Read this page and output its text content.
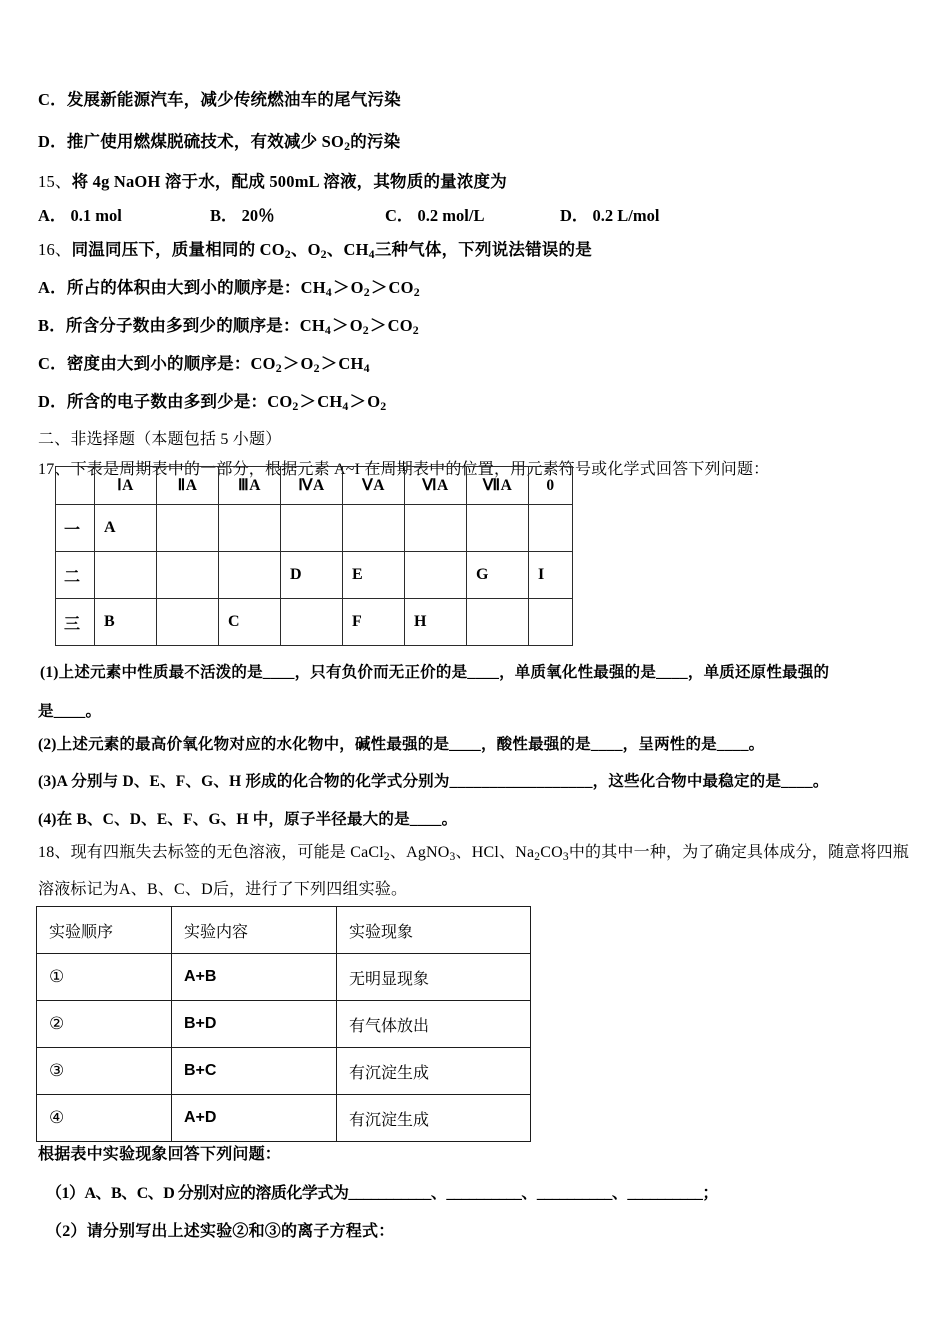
C．发展新能源汽车，减少传统燃油车的尾气污染
D．推广使用燃煤脱硫技术，有效减少 $SO_2$的污染
15、将 4g NaOH 溶于水，配成 500mL 溶液，其物质的量浓度为
A． 0.1 mol	B． 20％	C． 0.2 mol/L	D． 0.2 L/mol
16、同温同压下，质量相同的 $CO_2$、$O_2$、$CH_4$三种气体，下列说法错误的是
A．所占的体积由大到小的顺序是：$CH_4>O_2>CO_2$
B．所含分子数由多到少的顺序是：$CH_4>O_2>CO_2$
C．密度由大到小的顺序是：$CO_2>O_2>CH_4$
D．所含的电子数由多到少是：$CO_2>CH_4>O_2$
二、非选择题（本题包括 5 小题）
17、下表是周期表中的一部分，根据元素 A~I 在周期表中的位置，用元素符号或化学式回答下列问题：
	ⅠA	ⅡA	ⅢA	ⅣA	ⅤA	ⅥA	ⅦA	0
一	A							
二				D	E		G	I
三	B		C		F	H		
(1)上述元素中性质最不活泼的是____，只有负价而无正价的是____，单质氧化性最强的是____，单质还原性最强的
是____。
(2)上述元素的最高价氧化物对应的水化物中，碱性最强的是____，酸性最强的是____，呈两性的是____。
(3)A 分别与 D、E、F、G、H 形成的化合物的化学式分别为__________________，这些化合物中最稳定的是____。
(4)在 B、C、D、E、F、G、H 中，原子半径最大的是____。
18、现有四瓶失去标签的无色溶液，可能是 CaCl$_2$、AgNO$_3$、HCl、$Na_2CO_3$中的其中一种，为了确定具体成分，随意将四瓶
溶液标记为A、B、C、D后，进行了下列四组实验。
实验顺序	实验内容	实验现象
①	A+B	无明显现象
②	B+D	有气体放出
③	B+C	有沉淀生成
④	A+D	有沉淀生成
根据表中实验现象回答下列问题：
（1）A、B、C、D 分别对应的溶质化学式为___________、__________、__________、__________；
（2）请分别写出上述实验②和③的离子方程式：
